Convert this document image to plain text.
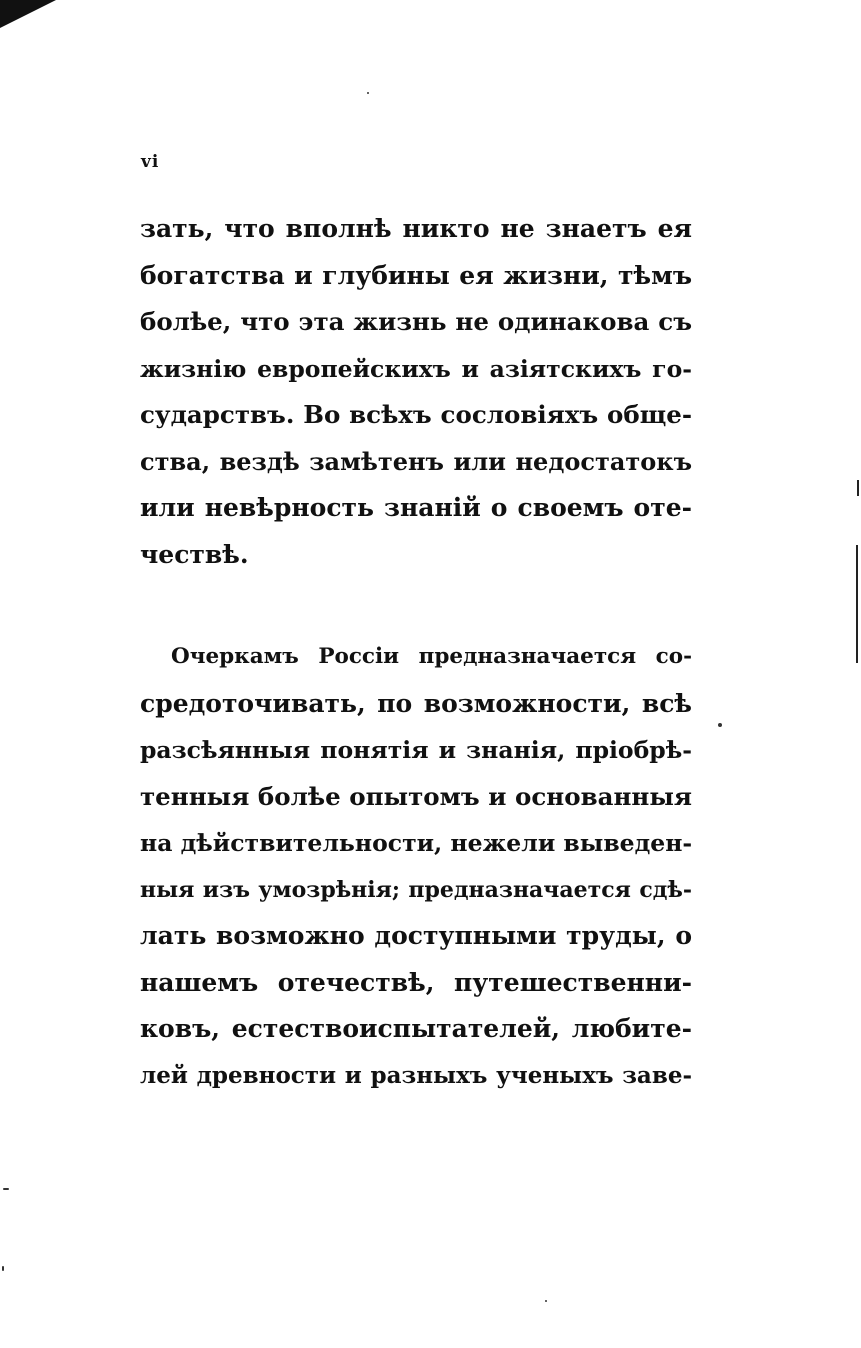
vi
зать, что вполнѣ никто не знаетъ ея
богатства и глубины ея жизни, тѣмъ
болѣе, что эта жизнь не одинакова съ
жизнію европейскихъ и азіятскихъ го-
сударствъ. Во всѣхъ сословіяхъ обще-
ства, вездѣ замѣтенъ или недостатокъ
или невѣрность знаній о своемъ оте-
чествѣ.
Очеркамъ Россіи предназначается со-
средоточивать, по возможности, всѣ
разсѣянныя понятія и знанія, пріобрѣ-
тенныя болѣе опытомъ и основанныя
на дѣйствительности, нежели выведен-
ныя изъ умозрѣнія; предназначается сдѣ-
лать возможно доступными труды, о
нашемъ отечествѣ, путешественни-
ковъ, естествоиспытателей, любите-
лей древности и разныхъ ученыхъ заве-
